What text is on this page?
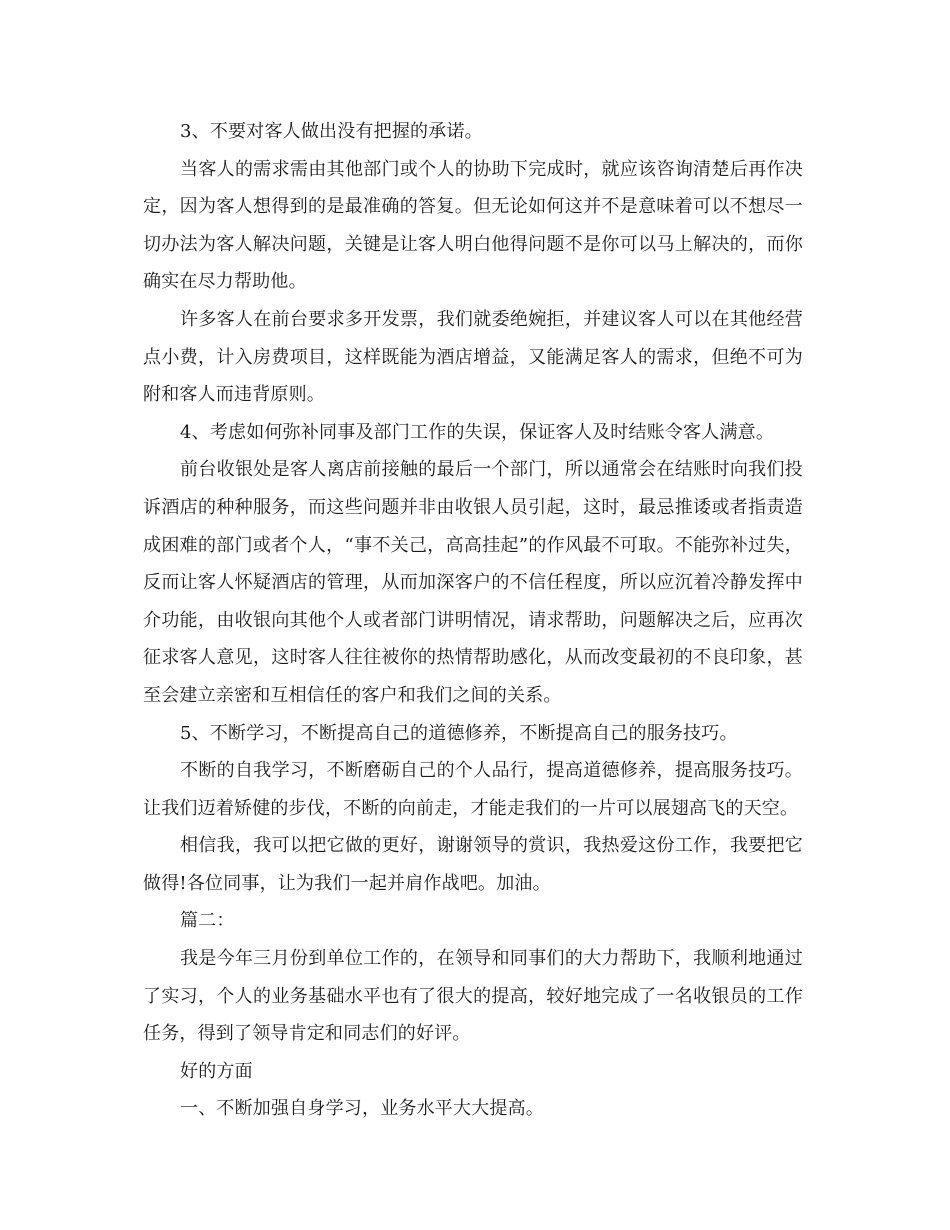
3、不要对客人做出没有把握的承诺。

当客人的需求需由其他部门或个人的协助下完成时，就应该咨询清楚后再作决定，因为客人想得到的是最准确的答复。但无论如何这并不是意味着可以不想尽一切办法为客人解决问题，关键是让客人明白他得问题不是你可以马上解决的，而你确实在尽力帮助他。

许多客人在前台要求多开发票，我们就委绝婉拒，并建议客人可以在其他经营点小费，计入房费项目，这样既能为酒店增益，又能满足客人的需求，但绝不可为附和客人而违背原则。

4、考虑如何弥补同事及部门工作的失误，保证客人及时结账令客人满意。

前台收银处是客人离店前接触的最后一个部门，所以通常会在结账时向我们投诉酒店的种种服务，而这些问题并非由收银人员引起，这时，最忌推诿或者指责造成困难的部门或者个人，“事不关己，高高挂起”的作风最不可取。不能弥补过失，反而让客人怀疑酒店的管理，从而加深客户的不信任程度，所以应沉着冷静发挥中介功能，由收银向其他个人或者部门讲明情况，请求帮助，问题解决之后，应再次征求客人意见，这时客人往往被你的热情帮助感化，从而改变最初的不良印象，甚至会建立亲密和互相信任的客户和我们之间的关系。

5、不断学习，不断提高自己的道德修养，不断提高自己的服务技巧。

不断的自我学习，不断磨砺自己的个人品行，提高道德修养，提高服务技巧。让我们迈着矫健的步伐，不断的向前走，才能走我们的一片可以展翅高飞的天空。

相信我，我可以把它做的更好，谢谢领导的赏识，我热爱这份工作，我要把它做得!各位同事，让为我们一起并肩作战吧。加油。

篇二：

我是今年三月份到单位工作的，在领导和同事们的大力帮助下，我顺利地通过了实习，个人的业务基础水平也有了很大的提高，较好地完成了一名收银员的工作任务，得到了领导肯定和同志们的好评。

好的方面

一、不断加强自身学习，业务水平大大提高。
